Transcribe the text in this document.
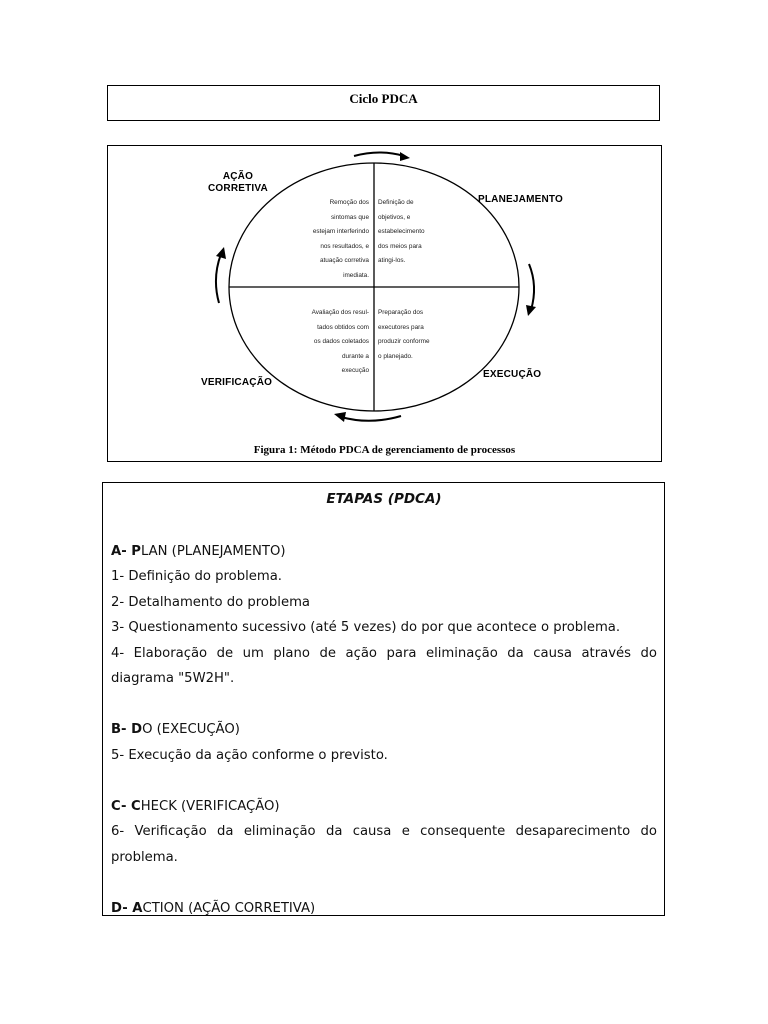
Ciclo PDCA
AÇÃO
CORRETIVA
PLANEJAMENTO
VERIFICAÇÃO
EXECUÇÃO
Remoção dos
sintomas que
estejam interferindo
nos resultados, e
atuação corretiva
imediata.
Definição de
objetivos, e
estabelecimento
dos meios para
atingi-los.
Avaliação dos resul-
tados obtidos com
os dados coletados
durante a
execução
Preparação dos
executores para
produzir conforme
o planejado.
Figura 1: Método PDCA de gerenciamento de processos
ETAPAS (PDCA)
A- PLAN (PLANEJAMENTO)
1- Definição do problema.
2- Detalhamento do problema
3- Questionamento sucessivo (até 5 vezes) do por que acontece o problema.
4- Elaboração de um plano de ação para eliminação da causa através do diagrama "5W2H".
B- DO (EXECUÇÃO)
5- Execução da ação conforme o previsto.
C- CHECK (VERIFICAÇÃO)
6- Verificação da eliminação da causa e consequente desaparecimento do problema.
D- ACTION (AÇÃO CORRETIVA)
